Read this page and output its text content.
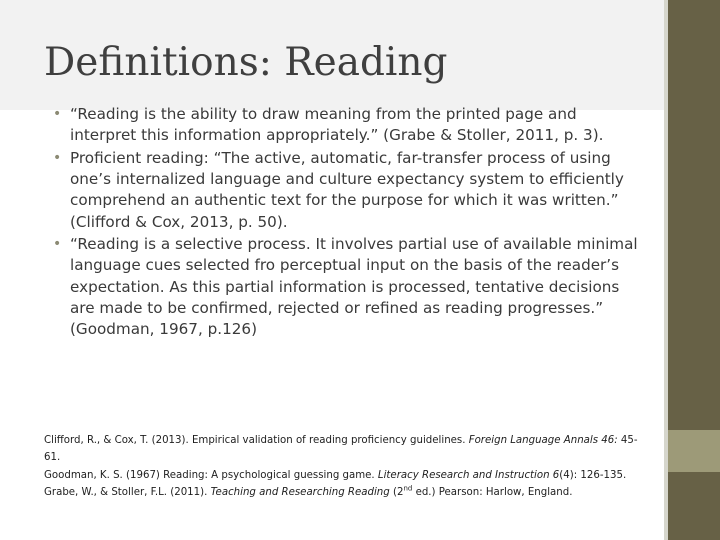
Definitions: Reading
• “Reading is the ability to draw meaning from the printed page and interpret this information appropriately.” (Grabe & Stoller, 2011, p. 3).
• Proficient reading: “The active, automatic, far-transfer process of using one’s internalized language and culture expectancy system to efficiently comprehend an authentic text for the purpose for which it was written.” (Clifford & Cox, 2013, p. 50).
• “Reading is a selective process. It involves partial use of available minimal language cues selected fro perceptual input on the basis of the reader’s expectation. As this partial information is processed, tentative decisions are made to be confirmed, rejected or refined as reading progresses.” (Goodman, 1967, p.126)

Clifford, R., & Cox, T. (2013). Empirical validation of reading proficiency guidelines. Foreign Language Annals 46: 45-61.

Goodman, K. S. (1967) Reading: A psychological guessing game. Literacy Research and Instruction 6(4): 126-135.

Grabe, W., & Stoller, F.L. (2011). Teaching and Researching Reading (2nd ed.) Pearson: Harlow, England.
